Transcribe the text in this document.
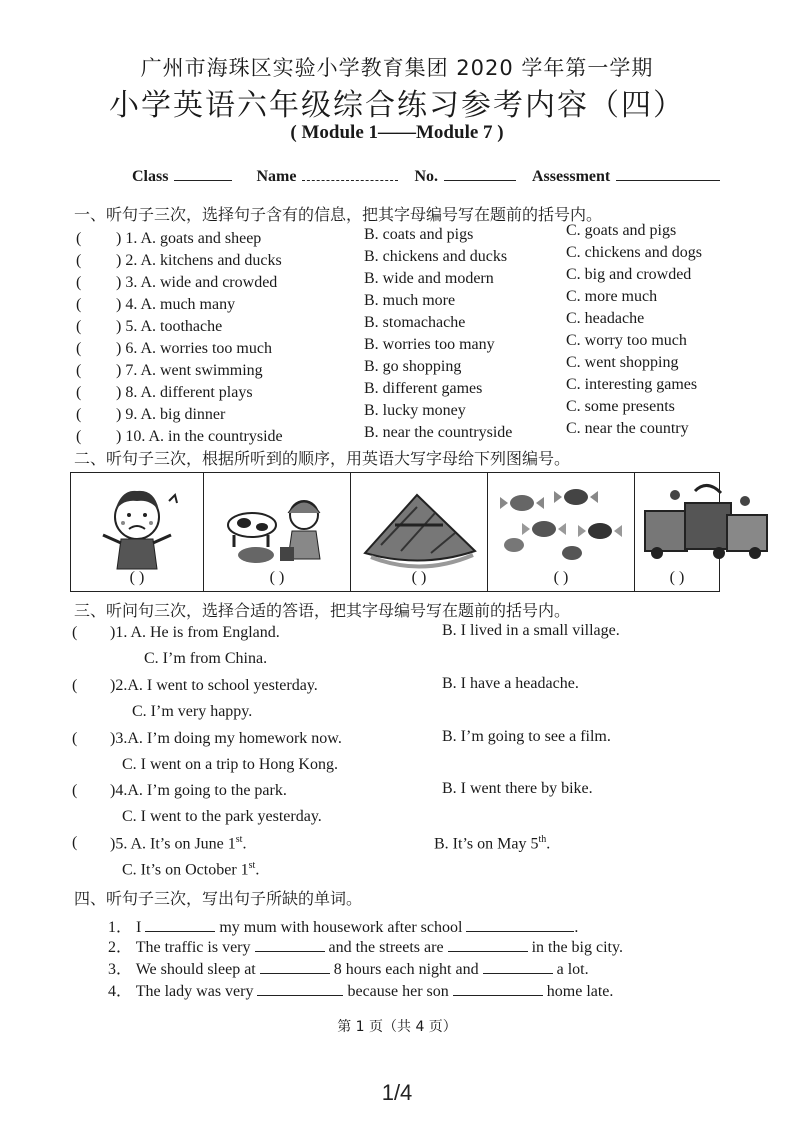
广州市海珠区实验小学教育集团 2020 学年第一学期
小学英语六年级综合练习参考内容（四）
( Module 1——Module 7 )
Class	Name	No.	Assessment
一、听句子三次，选择句子含有的信息，把其字母编号写在题前的括号内。
( ) 1. A. goats and sheep	B. coats and pigs	C. goats and pigs
( ) 2. A. kitchens and ducks	B. chickens and ducks	C. chickens and dogs
( ) 3. A. wide and crowded	B. wide and modern	C. big and crowded
( ) 4. A. much many	B. much more	C. more much
( ) 5. A. toothache	B. stomachache	C. headache
( ) 6. A. worries too much	B. worries too many	C. worry too much
( ) 7. A. went swimming	B. go shopping	C. went shopping
( ) 8. A. different plays	B. different games	C. interesting games
( ) 9. A. big dinner	B. lucky money	C. some presents
( ) 10. A. in the countryside	B. near the countryside	C. near the country
二、听句子三次，根据所听到的顺序，用英语大写字母给下列图编号。
( )	( )	( )	( )	( )
三、听问句三次，选择合适的答语，把其字母编号写在题前的括号内。
( )1. A. He is from England.	B. I lived in a small village.
C. I’m from China.
( )2.A. I went to school yesterday.	B. I have a headache.
C. I’m very happy.
( )3.A. I’m doing my homework now.	B. I’m going to see a film.
C. I went on a trip to Hong Kong.
( )4.A. I’m going to the park.	B. I went there by bike.
C. I went to the park yesterday.
( )5. A. It’s on June 1st.	B. It’s on May 5th.
C. It’s on October 1st.
四、听句子三次，写出句子所缺的单词。
1． I	my mum with housework after school	.
2． The traffic is very	and the streets are	in the big city.
3． We should sleep at	8 hours each night and	a lot.
4． The lady was very	because her son	home late.
第 1 页（共 4 页）
1/4
